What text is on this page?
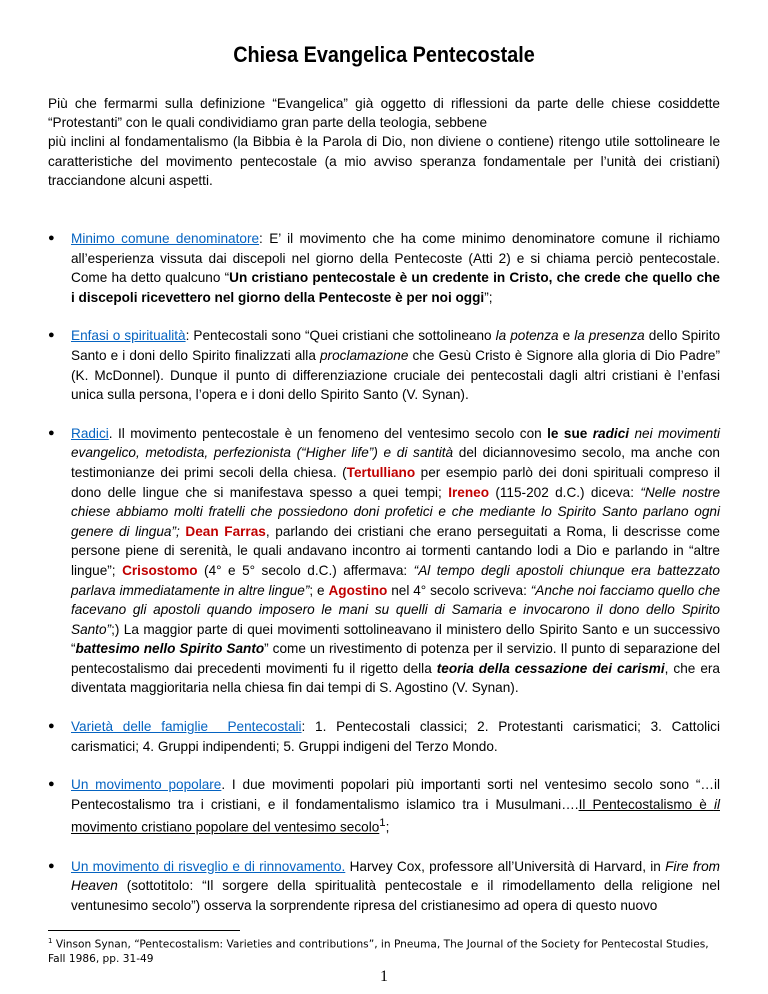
Chiesa Evangelica Pentecostale

Più che fermarmi sulla definizione “Evangelica” già oggetto di riflessioni da parte delle chiese cosiddette “Protestanti” con le quali condividiamo gran parte della teologia, sebbene

più inclini al fondamentalismo (la Bibbia è la Parola di Dio, non diviene o contiene) ritengo utile sottolineare le caratteristiche del movimento pentecostale (a mio avviso speranza fondamentale per l’unità dei cristiani) tracciandone alcuni aspetti.

● Minimo comune denominatore: E’ il movimento che ha come minimo denominatore comune il richiamo all’esperienza vissuta dai discepoli nel giorno della Pentecoste (Atti 2) e si chiama perciò pentecostale. Come ha detto qualcuno “Un cristiano pentecostale è un credente in Cristo, che crede che quello che i discepoli ricevettero nel giorno della Pentecoste è per noi oggi”;
● Enfasi o spiritualità: Pentecostali sono “Quei cristiani che sottolineano la potenza e la presenza dello Spirito Santo e i doni dello Spirito finalizzati alla proclamazione che Gesù Cristo è Signore alla gloria di Dio Padre” (K. McDonnel). Dunque il punto di differenziazione cruciale dei pentecostali dagli altri cristiani è l’enfasi unica sulla persona, l’opera e i doni dello Spirito Santo (V. Synan).
● Radici. Il movimento pentecostale è un fenomeno del ventesimo secolo con le sue radici nei movimenti evangelico, metodista, perfezionista (“Higher life”) e di santità del diciannovesimo secolo, ma anche con testimonianze dei primi secoli della chiesa. (Tertulliano per esempio parlò dei doni spirituali compreso il dono delle lingue che si manifestava spesso a quei tempi; Ireneo (115-202 d.C.) diceva: “Nelle nostre chiese abbiamo molti fratelli che possiedono doni profetici e che mediante lo Spirito Santo parlano ogni genere di lingua”; Dean Farras, parlando dei cristiani che erano perseguitati a Roma, li descrisse come persone piene di serenità, le quali andavano incontro ai tormenti cantando lodi a Dio e parlando in “altre lingue”; Crisostomo (4° e 5° secolo d.C.) affermava: “Al tempo degli apostoli chiunque era battezzato parlava immediatamente in altre lingue”; e Agostino nel 4° secolo scriveva: “Anche noi facciamo quello che facevano gli apostoli quando imposero le mani su quelli di Samaria e invocarono il dono dello Spirito Santo”;) La maggior parte di quei movimenti sottolineavano il ministero dello Spirito Santo e un successivo “battesimo nello Spirito Santo” come un rivestimento di potenza per il servizio. Il punto di separazione del pentecostalismo dai precedenti movimenti fu il rigetto della teoria della cessazione dei carismi, che era diventata maggioritaria nella chiesa fin dai tempi di S. Agostino (V. Synan).
● Varietà delle famiglie  Pentecostali: 1. Pentecostali classici; 2. Protestanti carismatici; 3. Cattolici carismatici; 4. Gruppi indipendenti; 5. Gruppi indigeni del Terzo Mondo.
● Un movimento popolare. I due movimenti popolari più importanti sorti nel ventesimo secolo sono “…il Pentecostalismo tra i cristiani, e il fondamentalismo islamico tra i Musulmani….Il Pentecostalismo è il movimento cristiano popolare del ventesimo secolo$^1$;
● Un movimento di risveglio e di rinnovamento. Harvey Cox, professore all’Università di Harvard, in Fire from Heaven (sottotitolo: “Il sorgere della spiritualità pentecostale e il rimodellamento della religione nel ventunesimo secolo”) osserva la sorprendente ripresa del cristianesimo ad opera di questo nuovo
$^1$ Vinson Synan, “Pentecostalism: Varieties and contributions”, in Pneuma, The Journal of the Society for Pentecostal Studies, Fall 1986, pp. 31-49
1
